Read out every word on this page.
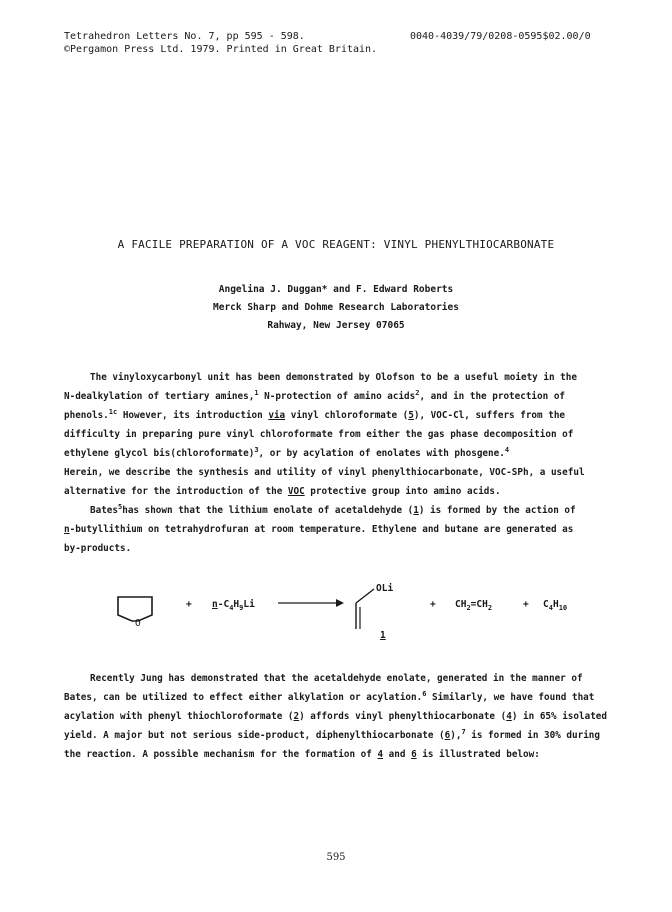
Tetrahedron Letters No. 7, pp 595 - 598.
©Pergamon Press Ltd. 1979. Printed in Great Britain.
0040-4039/79/0208-0595$02.00/0
A FACILE PREPARATION OF A VOC REAGENT: VINYL PHENYLTHIOCARBONATE
Angelina J. Duggan* and F. Edward Roberts
Merck Sharp and Dohme Research Laboratories
Rahway, New Jersey 07065

The vinyloxycarbonyl unit has been demonstrated by Olofson to be a useful moiety in the

N-dealkylation of tertiary amines,$^1$ N-protection of amino acids$^2$, and in the protection of

phenols.$^{1c}$ However, its introduction via vinyl chloroformate (5), VOC-Cl, suffers from the

difficulty in preparing pure vinyl chloroformate from either the gas phase decomposition of

ethylene glycol bis(chloroformate)$^3$, or by acylation of enolates with phosgene.$^4$

Herein, we describe the synthesis and utility of vinyl phenylthiocarbonate, VOC-SPh, a useful

alternative for the introduction of the VOC protective group into amino acids.

Bates$^5$has shown that the lithium enolate of acetaldehyde (1) is formed by the action of

n-butyllithium on tetrahydrofuran at room temperature. Ethylene and butane are generated as

by-products.

O
+ $n-C_4H_9Li$
OLi
1
+ $CH_2=CH_2$	+ $C_4H_{10}$

Recently Jung has demonstrated that the acetaldehyde enolate, generated in the manner of

Bates, can be utilized to effect either alkylation or acylation.$^6$ Similarly, we have found that

acylation with phenyl thiochloroformate (2) affords vinyl phenylthiocarbonate (4) in 65% isolated

yield. A major but not serious side-product, diphenylthiocarbonate (6),$^7$ is formed in 30% during

the reaction. A possible mechanism for the formation of 4 and 6 is illustrated below:

595
